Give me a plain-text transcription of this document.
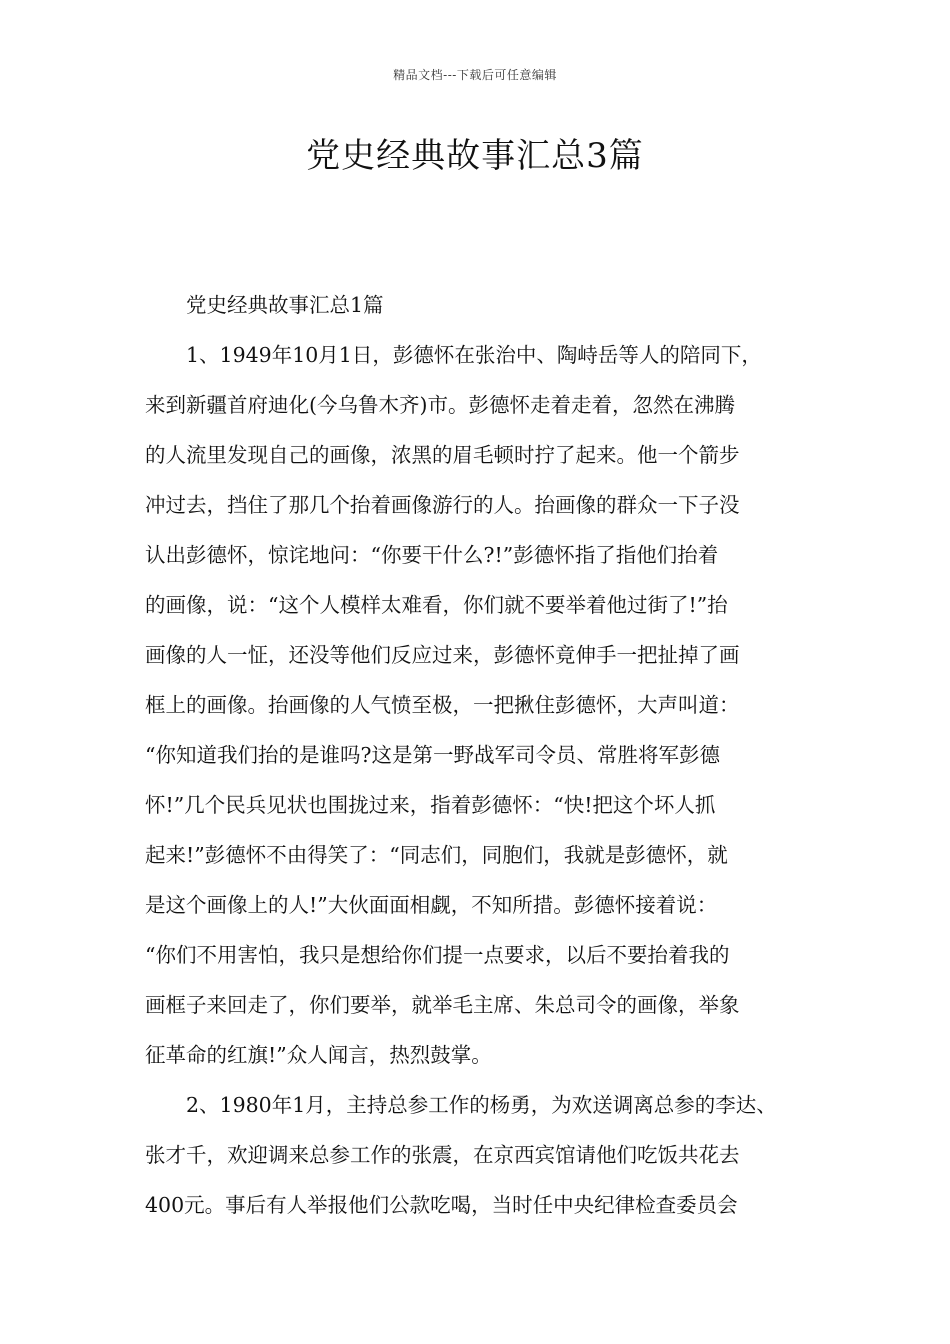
精品文档---下载后可任意编辑
党史经典故事汇总3篇

党史经典故事汇总1篇

1、1949年10月1日，彭德怀在张治中、陶峙岳等人的陪同下，
来到新疆首府迪化(今乌鲁木齐)市。彭德怀走着走着，忽然在沸腾
的人流里发现自己的画像，浓黑的眉毛顿时拧了起来。他一个箭步
冲过去，挡住了那几个抬着画像游行的人。抬画像的群众一下子没
认出彭德怀，惊诧地问：“你要干什么?!”彭德怀指了指他们抬着
的画像，说：“这个人模样太难看，你们就不要举着他过街了!”抬
画像的人一怔，还没等他们反应过来，彭德怀竟伸手一把扯掉了画
框上的画像。抬画像的人气愤至极，一把揪住彭德怀，大声叫道：
“你知道我们抬的是谁吗?这是第一野战军司令员、常胜将军彭德
怀!”几个民兵见状也围拢过来，指着彭德怀：“快!把这个坏人抓
起来!”彭德怀不由得笑了：“同志们，同胞们，我就是彭德怀，就
是这个画像上的人!”大伙面面相觑，不知所措。彭德怀接着说：
“你们不用害怕，我只是想给你们提一点要求，以后不要抬着我的
画框子来回走了，你们要举，就举毛主席、朱总司令的画像，举象
征革命的红旗!”众人闻言，热烈鼓掌。

2、1980年1月，主持总参工作的杨勇，为欢送调离总参的李达、
张才千，欢迎调来总参工作的张震，在京西宾馆请他们吃饭共花去
400元。事后有人举报他们公款吃喝，当时任中央纪律检查委员会
